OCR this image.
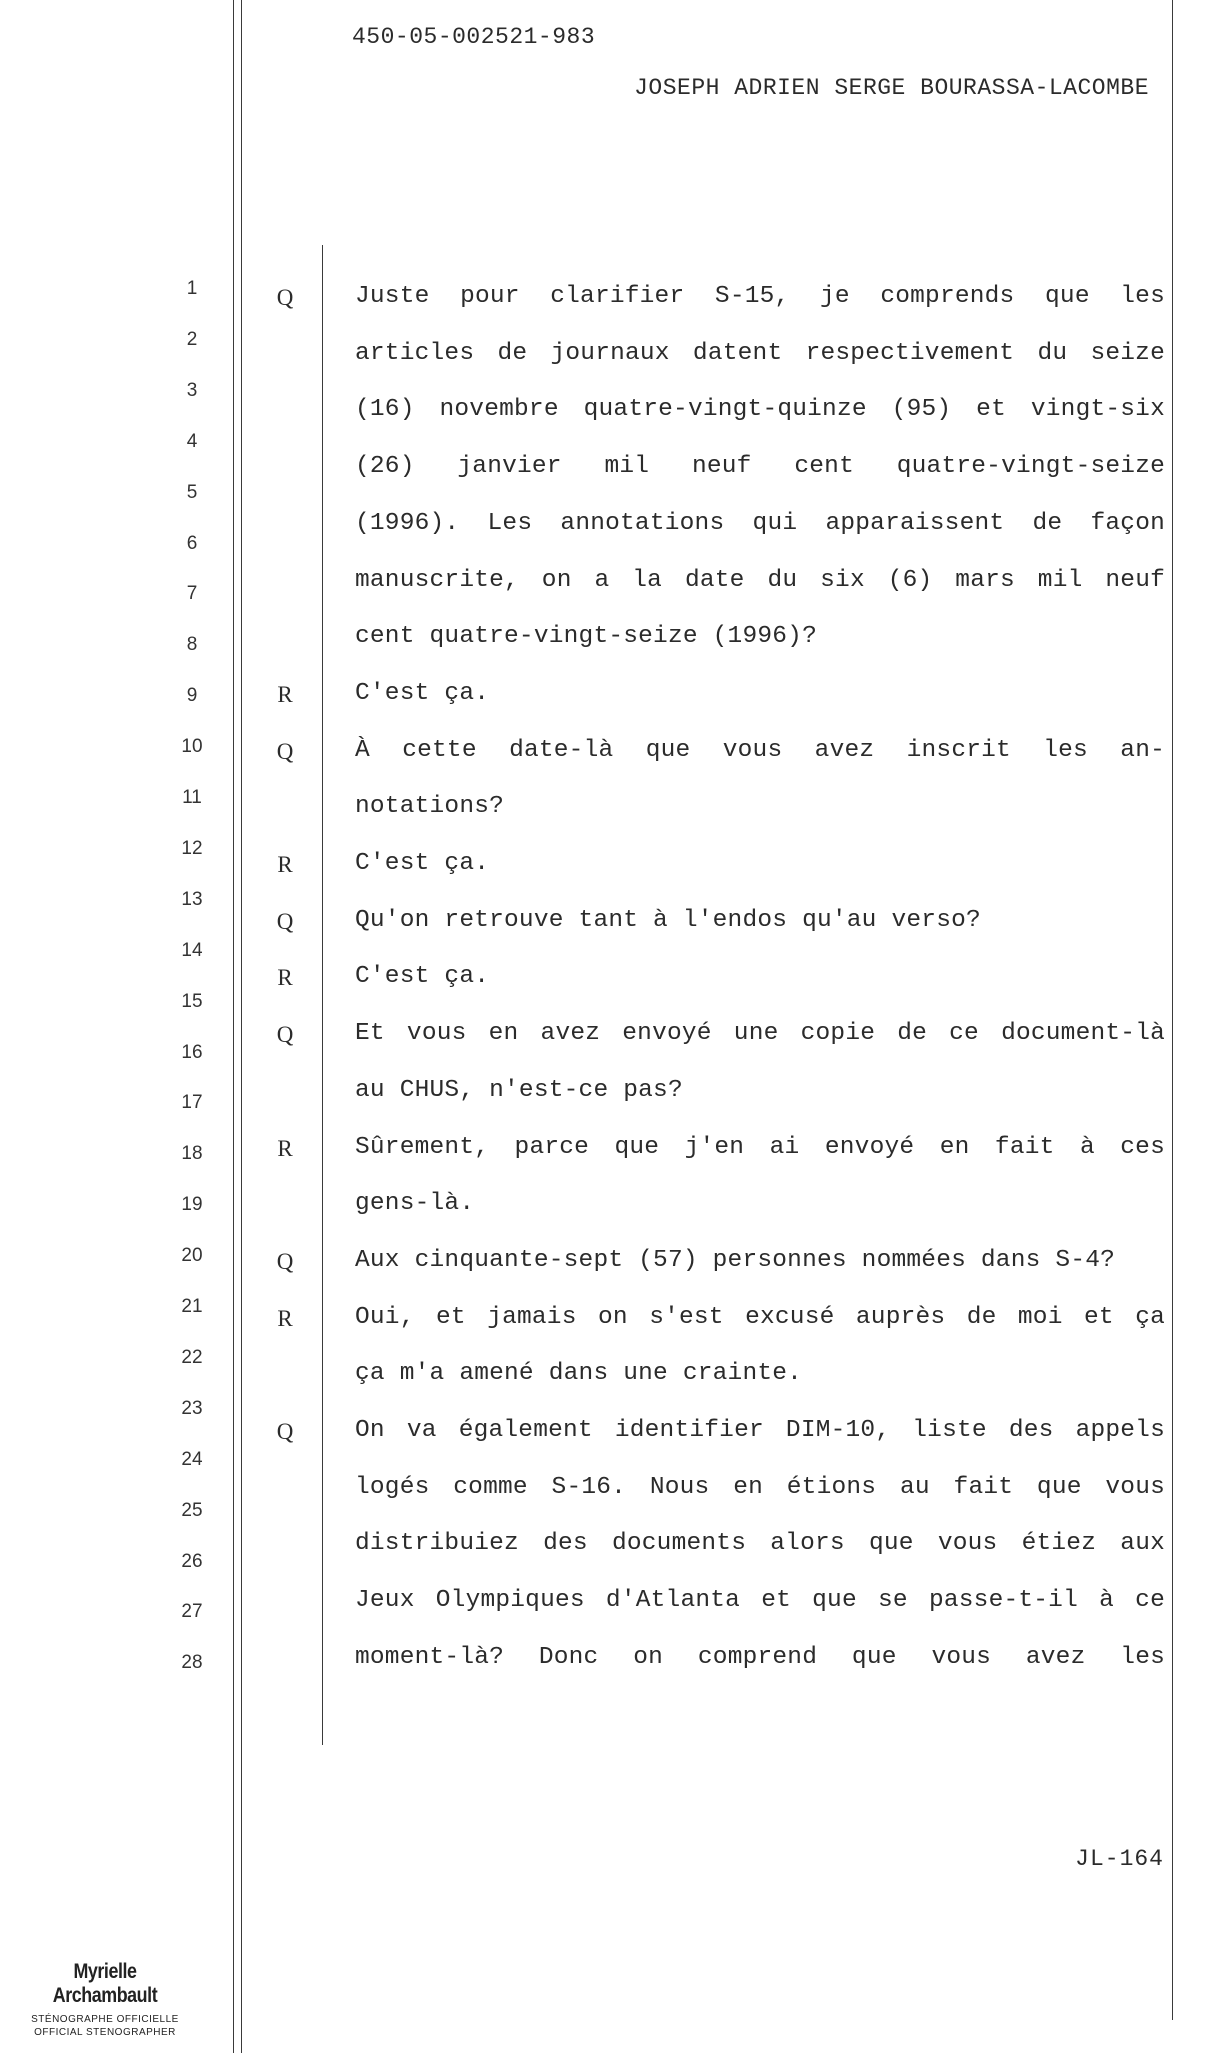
450-05-002521-983
JOSEPH ADRIEN SERGE BOURASSA-LACOMBE
1
2
3
4
5
6
7
8
9
10
11
12
13
14
15
16
17
18
19
20
21
22
23
24
25
26
27
28
Q	Juste pour clarifier S-15, je comprends que les
articles de journaux datent respectivement du seize
(16) novembre quatre-vingt-quinze (95) et vingt-six
(26) janvier mil neuf cent quatre-vingt-seize
(1996). Les annotations qui apparaissent de façon
manuscrite, on a la date du six (6) mars mil neuf
cent quatre-vingt-seize (1996)?
R	C'est ça.
Q	À cette date-là que vous avez inscrit les an-
notations?
R	C'est ça.
Q	Qu'on retrouve tant à l'endos qu'au verso?
R	C'est ça.
Q	Et vous en avez envoyé une copie de ce document-là
au CHUS, n'est-ce pas?
R	Sûrement, parce que j'en ai envoyé en fait à ces
gens-là.
Q	Aux cinquante-sept (57) personnes nommées dans S-4?
R	Oui, et jamais on s'est excusé auprès de moi et ça
ça m'a amené dans une crainte.
Q	On va également identifier DIM-10, liste des appels
logés comme S-16. Nous en étions au fait que vous
distribuiez des documents alors que vous étiez aux
Jeux Olympiques d'Atlanta et que se passe-t-il à ce
moment-là? Donc on comprend que vous avez les
JL-164
Myrielle Archambault
STÉNOGRAPHE OFFICIELLE
OFFICIAL STENOGRAPHER
